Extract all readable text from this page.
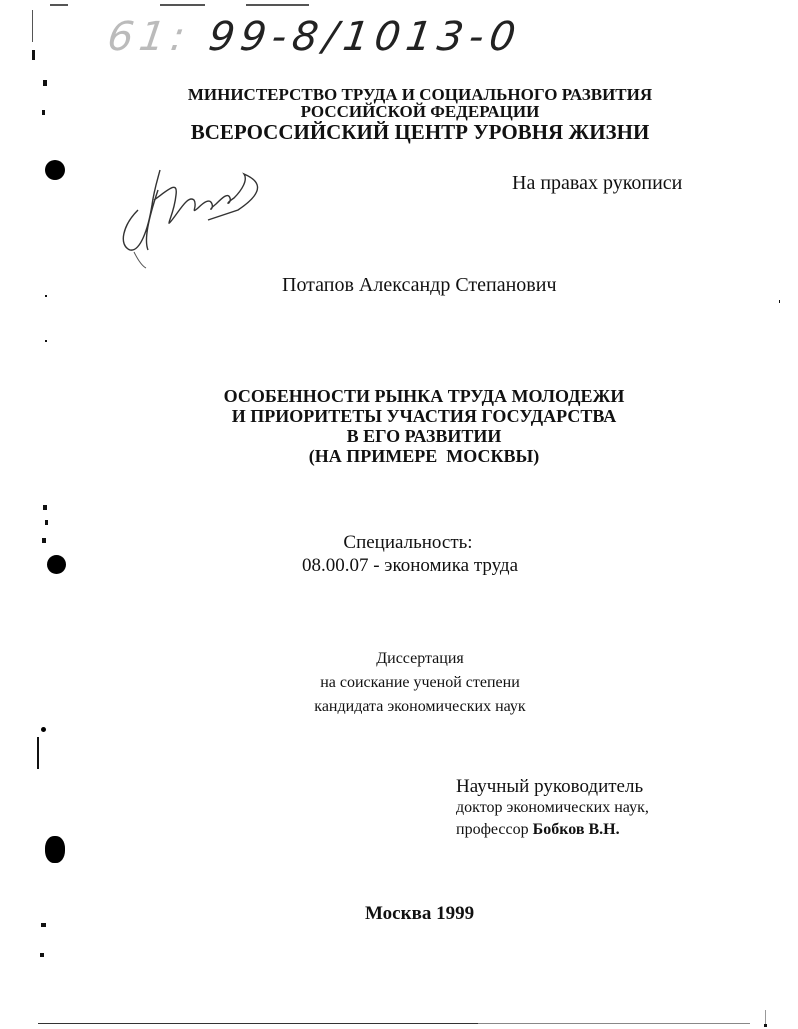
61: 99-8/1013-0
МИНИСТЕРСТВО ТРУДА И СОЦИАЛЬНОГО РАЗВИТИЯ
РОССИЙСКОЙ ФЕДЕРАЦИИ
ВСЕРОССИЙСКИЙ ЦЕНТР УРОВНЯ ЖИЗНИ
На правах рукописи
Потапов Александр Степанович
ОСОБЕННОСТИ РЫНКА ТРУДА МОЛОДЕЖИ
И ПРИОРИТЕТЫ УЧАСТИЯ ГОСУДАРСТВА
В ЕГО РАЗВИТИИ
(НА ПРИМЕРЕ  МОСКВЫ)
Специальность:
08.00.07 - экономика труда
Диссертация
на соискание ученой степени
кандидата экономических наук
Научный руководитель
доктор экономических наук,
профессор Бобков В.Н.
Москва 1999
